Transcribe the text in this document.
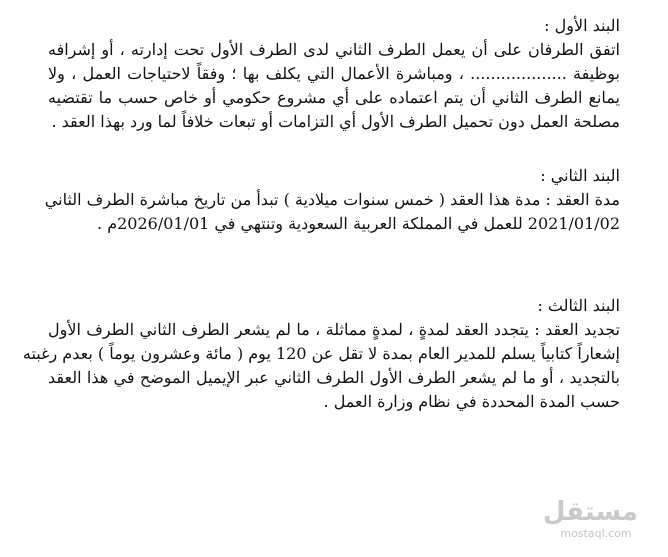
البند الأول :

اتفق الطرفان على أن يعمل الطرف الثاني لدى الطرف الأول تحت إدارته ، أو إشرافه

بوظيفة ................... ، ومباشرة الأعمال التي يكلف بها ؛ وفقاً لاحتياجات العمل ، ولا

يمانع الطرف الثاني أن يتم اعتماده على أي مشروع حكومي أو خاص حسب ما تقتضيه

مصلحة العمل دون تحميل الطرف الأول أي التزامات أو تبعات خلافاً لما ورد بهذا العقد .

البند الثاني :

مدة العقد : مدة هذا العقد ( خمس سنوات ميلادية ) تبدأ من تاريخ مباشرة الطرف الثاني

2021/01/02 للعمل في المملكة العربية السعودية وتنتهي في 2026/01/01م .

البند الثالث :

تجديد العقد : يتجدد العقد لمدةٍ ، لمدةٍ مماثلة ، ما لم يشعر الطرف الثاني الطرف الأول

إشعاراً كتابياً يسلم للمدير العام بمدة لا تقل عن 120 يوم ( مائة وعشرون يوماً ) بعدم رغبته

بالتجديد ، أو ما لم يشعر الطرف الأول الطرف الثاني عبر الإيميل الموضح في هذا العقد

حسب المدة المحددة في نظام وزارة العمل .

مستقل
mostaql.com
